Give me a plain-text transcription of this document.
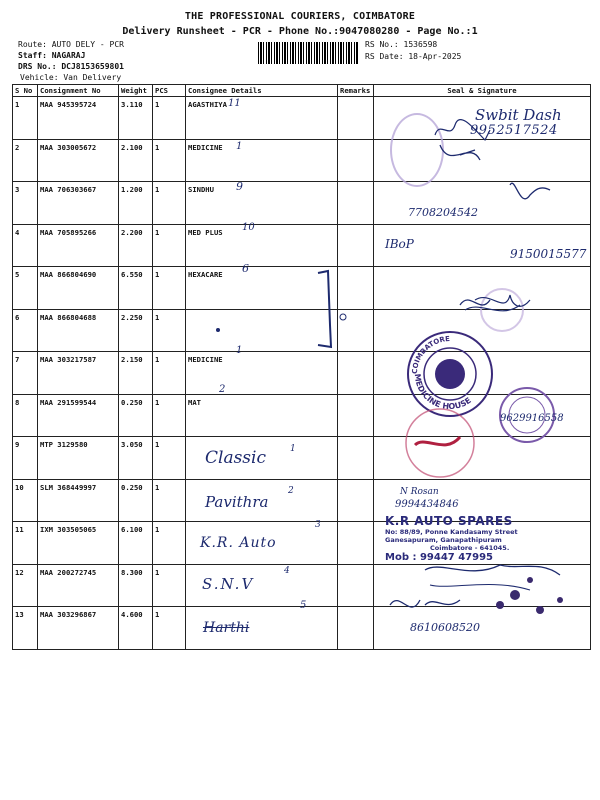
THE PROFESSIONAL COURIERS, COIMBATORE
Delivery Runsheet - PCR - Phone No.:9047080280 - Page No.:1
Route: AUTO DELY - PCR
Staff: NAGARAJ
DRS No.: DCJ8153659801
Vehicle: Van Delivery
RS No.: 1536598
RS Date: 18-Apr-2025
S No	Consignment No	Weight	PCS	Consignee Details	Remarks	Seal & Signature
1	MAA 945395724	3.110	1	AGASTHIYA		
2	MAA 303005672	2.100	1	MEDICINE		
3	MAA 706303667	1.200	1	SINDHU		
4	MAA 705895266	2.200	1	MED PLUS		
5	MAA 866804690	6.550	1	HEXACARE		
6	MAA 866804688	2.250	1			
7	MAA 303217587	2.150	1	MEDICINE		
8	MAA 291599544	0.250	1	MAT		
9	MTP 3129580	3.050	1			
10	SLM 368449997	0.250	1			
11	IXM 303505065	6.100	1			
12	MAA 200272745	8.300	1			
13	MAA 303296867	4.600	1			
11
1
9
10
6
1
2
Classic	1
Pavithra
2
K.R. Auto
3
S.N.V
4
Harthi
5
MEDICINE HOUSE
COIMBATORE
Swbit Dash
9952517524
7708204542
IBoP
9150015577
9629916558
N Rosan
9994434846
8610608520
K.R AUTO SPARES
No: 88/89, Ponne Kandasamy Street
Ganesapuram, Ganapathipuram
Coimbatore - 641045.
Mob : 99447 47995
